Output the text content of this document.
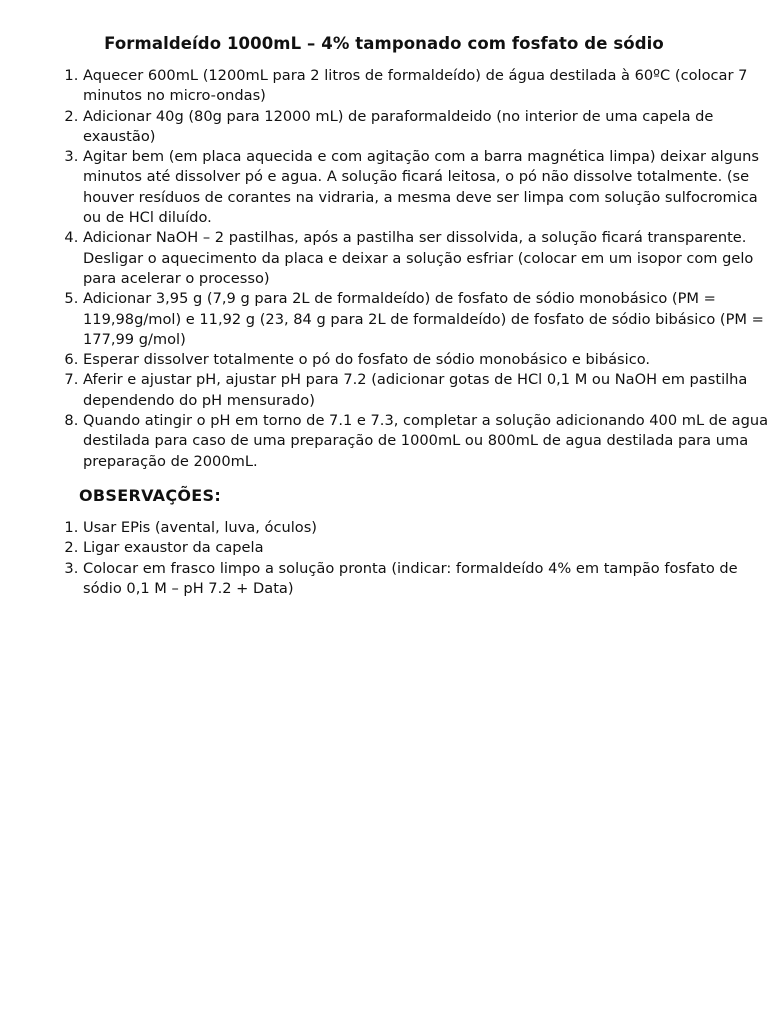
Formaldeído 1000mL – 4% tamponado com fosfato de sódio
1. Aquecer 600mL (1200mL para 2 litros de formaldeído) de água destilada à 60ºC (colocar 7 minutos no micro-ondas)
2. Adicionar 40g (80g para 12000 mL) de paraformaldeido (no interior de uma capela de exaustão)
3. Agitar bem (em placa aquecida e com agitação com a barra magnética limpa) deixar alguns minutos até dissolver pó e agua. A solução ficará leitosa, o pó não dissolve totalmente. (se houver resíduos de corantes na vidraria, a mesma deve ser limpa com solução sulfocromica ou de HCl diluído.
4. Adicionar NaOH – 2 pastilhas, após a pastilha ser dissolvida, a solução ficará transparente. Desligar o aquecimento da placa e deixar a solução esfriar (colocar em um isopor com gelo para acelerar o processo)
5. Adicionar 3,95 g (7,9 g para 2L de formaldeído) de fosfato de sódio monobásico (PM = 119,98g/mol) e 11,92 g (23, 84 g para 2L de formaldeído) de fosfato de sódio bibásico (PM = 177,99 g/mol)
6. Esperar dissolver totalmente o pó do fosfato de sódio monobásico e bibásico.
7. Aferir e ajustar pH, ajustar pH para 7.2 (adicionar gotas de HCl 0,1 M ou NaOH em pastilha dependendo do pH mensurado)
8. Quando atingir o pH em torno de 7.1 e 7.3, completar a solução adicionando 400 mL de agua destilada para caso de uma preparação de 1000mL ou 800mL de agua destilada para uma preparação de 2000mL.
OBSERVAÇÕES:
1. Usar EPis (avental, luva, óculos)
2. Ligar exaustor da capela
3. Colocar em frasco limpo a solução pronta (indicar: formaldeído 4% em tampão fosfato de sódio 0,1 M – pH 7.2 + Data)
